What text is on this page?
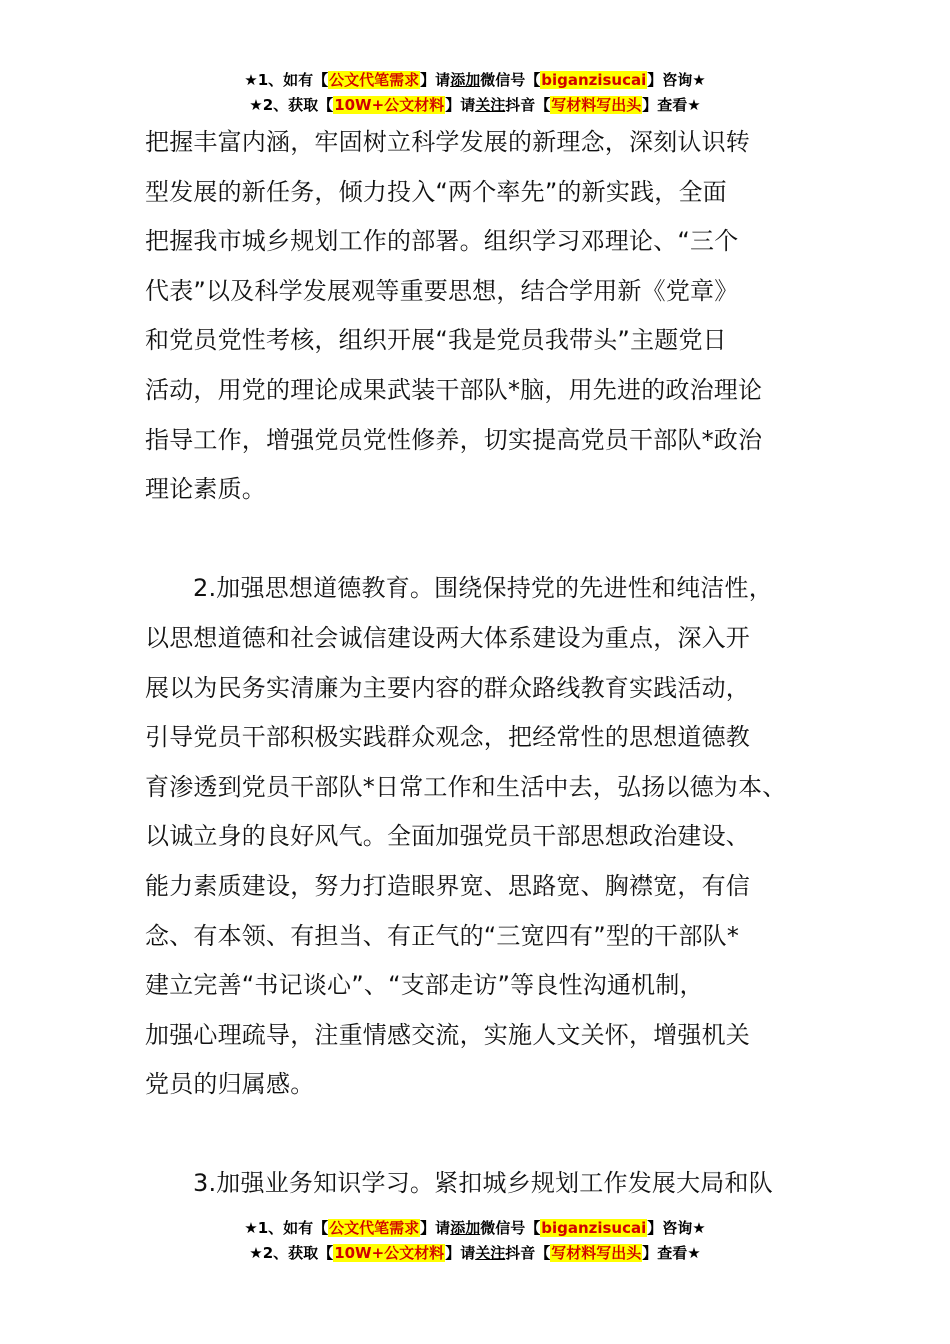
★1、如有【公文代笔需求】请添加微信号【biganzisucai】咨询★
★2、获取【10W+公文材料】请关注抖音【写材料写出头】查看★

把握丰富内涵，牢固树立科学发展的新理念，深刻认识转
型发展的新任务，倾力投入“两个率先”的新实践，全面
把握我市城乡规划工作的部署。组织学习邓理论、“三个
代表”以及科学发展观等重要思想，结合学用新《党章》
和党员党性考核，组织开展“我是党员我带头”主题党日
活动，用党的理论成果武装干部队*脑，用先进的政治理论
指导工作，增强党员党性修养，切实提高党员干部队*政治
理论素质。

2.加强思想道德教育。围绕保持党的先进性和纯洁性，
以思想道德和社会诚信建设两大体系建设为重点，深入开
展以为民务实清廉为主要内容的群众路线教育实践活动，
引导党员干部积极实践群众观念，把经常性的思想道德教
育渗透到党员干部队*日常工作和生活中去，弘扬以德为本、
以诚立身的良好风气。全面加强党员干部思想政治建设、
能力素质建设，努力打造眼界宽、思路宽、胸襟宽，有信
念、有本领、有担当、有正气的“三宽四有”型的干部队*
建立完善“书记谈心”、“支部走访”等良性沟通机制，
加强心理疏导，注重情感交流，实施人文关怀，增强机关
党员的归属感。

3.加强业务知识学习。紧扣城乡规划工作发展大局和队

★1、如有【公文代笔需求】请添加微信号【biganzisucai】咨询★
★2、获取【10W+公文材料】请关注抖音【写材料写出头】查看★
